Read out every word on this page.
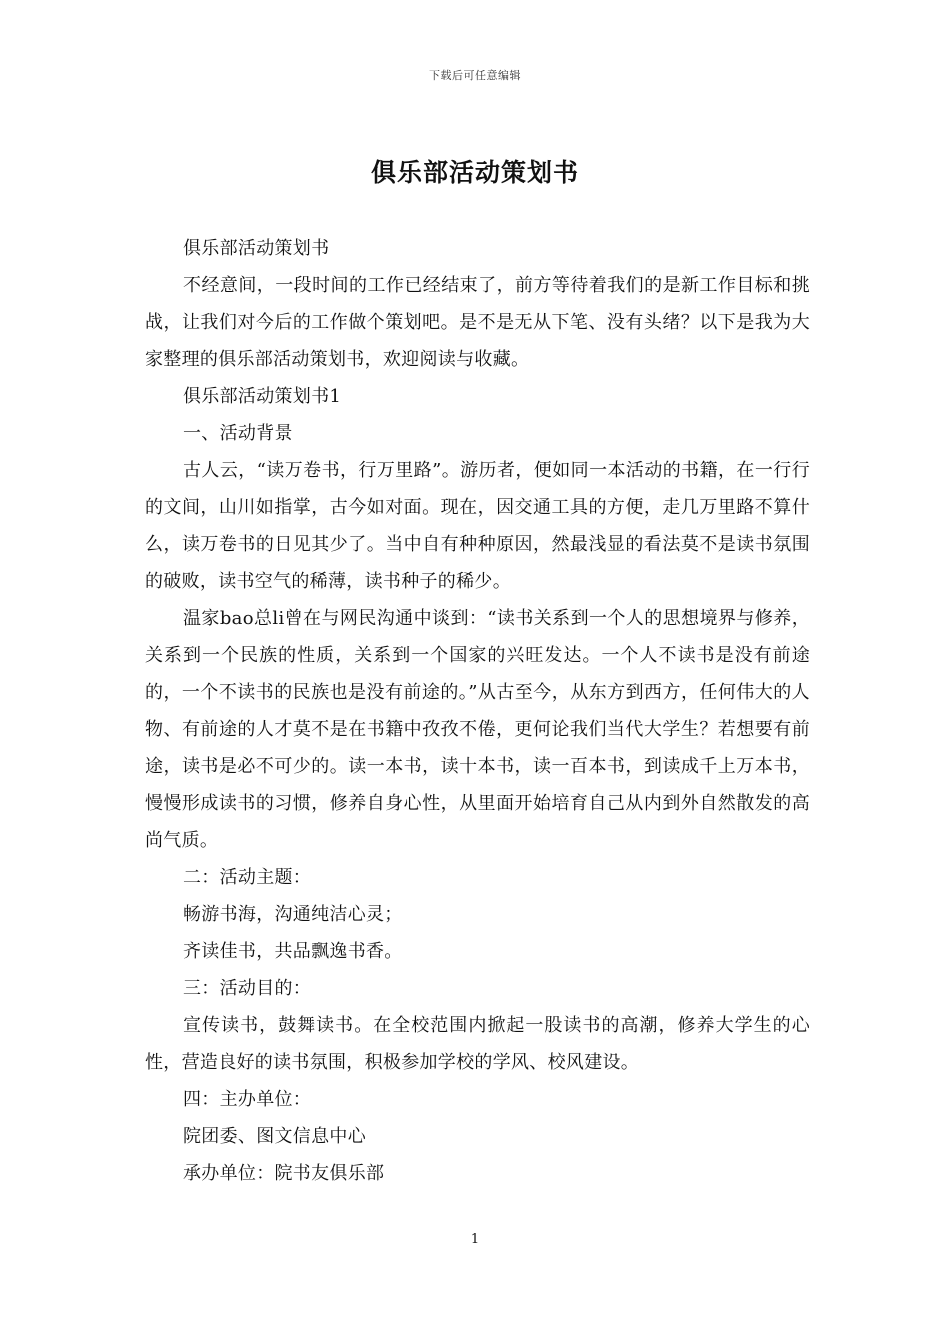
下载后可任意编辑
俱乐部活动策划书

俱乐部活动策划书

不经意间，一段时间的工作已经结束了，前方等待着我们的是新工作目标和挑战，让我们对今后的工作做个策划吧。是不是无从下笔、没有头绪？以下是我为大家整理的俱乐部活动策划书，欢迎阅读与收藏。

俱乐部活动策划书1

一、活动背景

古人云，“读万卷书，行万里路”。游历者，便如同一本活动的书籍，在一行行的文间，山川如指掌，古今如对面。现在，因交通工具的方便，走几万里路不算什么，读万卷书的日见其少了。当中自有种种原因，然最浅显的看法莫不是读书氛围的破败，读书空气的稀薄，读书种子的稀少。

温家bao总li曾在与网民沟通中谈到：“读书关系到一个人的思想境界与修养，关系到一个民族的性质，关系到一个国家的兴旺发达。一个人不读书是没有前途的，一个不读书的民族也是没有前途的。”从古至今，从东方到西方，任何伟大的人物、有前途的人才莫不是在书籍中孜孜不倦，更何论我们当代大学生？若想要有前途，读书是必不可少的。读一本书，读十本书，读一百本书，到读成千上万本书，慢慢形成读书的习惯，修养自身心性，从里面开始培育自己从内到外自然散发的高尚气质。

二：活动主题：

畅游书海，沟通纯洁心灵；

齐读佳书，共品飘逸书香。

三：活动目的：

宣传读书，鼓舞读书。在全校范围内掀起一股读书的高潮，修养大学生的心性，营造良好的读书氛围，积极参加学校的学风、校风建设。

四：主办单位：

院团委、图文信息中心

承办单位：院书友俱乐部

1
